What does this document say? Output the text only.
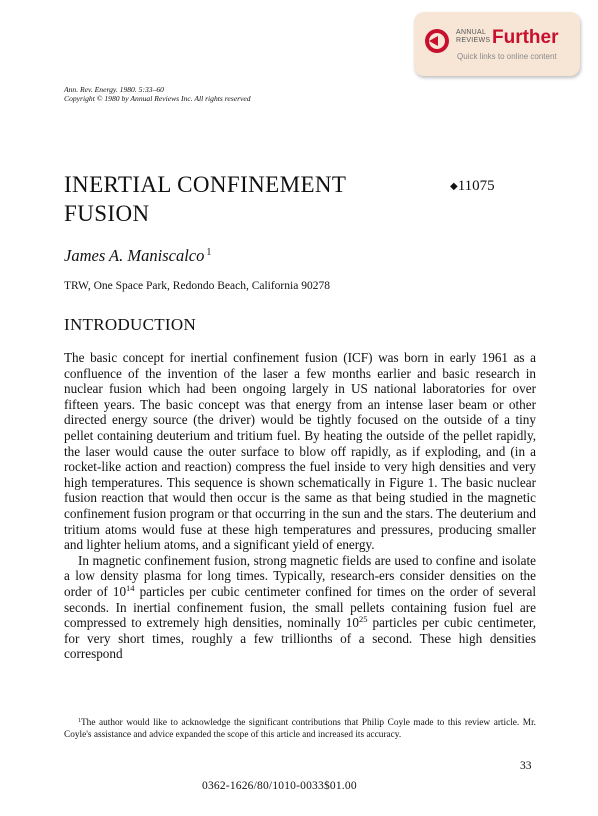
ANNUAL
REVIEWS Further
Quick links to online content
Ann. Rev. Energy. 1980. 5:33–60
Copyright © 1980 by Annual Reviews Inc. All rights reserved
INERTIAL CONFINEMENT
FUSION
◆11075
James A. Maniscalco $^1$
TRW, One Space Park, Redondo Beach, California 90278
INTRODUCTION

The basic concept for inertial confinement fusion (ICF) was born in early 1961 as a confluence of the invention of the laser a few months earlier and basic research in nuclear fusion which had been ongoing largely in US national laboratories for over fifteen years. The basic concept was that energy from an intense laser beam or other directed energy source (the driver) would be tightly focused on the outside of a tiny pellet containing deuterium and tritium fuel. By heating the outside of the pellet rapidly, the laser would cause the outer surface to blow off rapidly, as if exploding, and (in a rocket-like action and reaction) compress the fuel inside to very high densities and very high temperatures. This sequence is shown schematically in Figure 1. The basic nuclear fusion reaction that would then occur is the same as that being studied in the magnetic confinement fusion program or that occurring in the sun and the stars. The deuterium and tritium atoms would fuse at these high temperatures and pressures, producing smaller and lighter helium atoms, and a significant yield of energy.

In magnetic confinement fusion, strong magnetic fields are used to confine and isolate a low density plasma for long times. Typically, research-ers consider densities on the order of $10^{14}$ particles per cubic centimeter confined for times on the order of several seconds. In inertial confinement fusion, the small pellets containing fusion fuel are compressed to extremely high densities, nominally $10^{25}$ particles per cubic centimeter, for very short times, roughly a few trillionths of a second. These high densities correspond

$^1$The author would like to acknowledge the significant contributions that Philip Coyle made to this review article. Mr. Coyle's assistance and advice expanded the scope of this article and increased its accuracy.

33
0362-1626/80/1010-0033$01.00
